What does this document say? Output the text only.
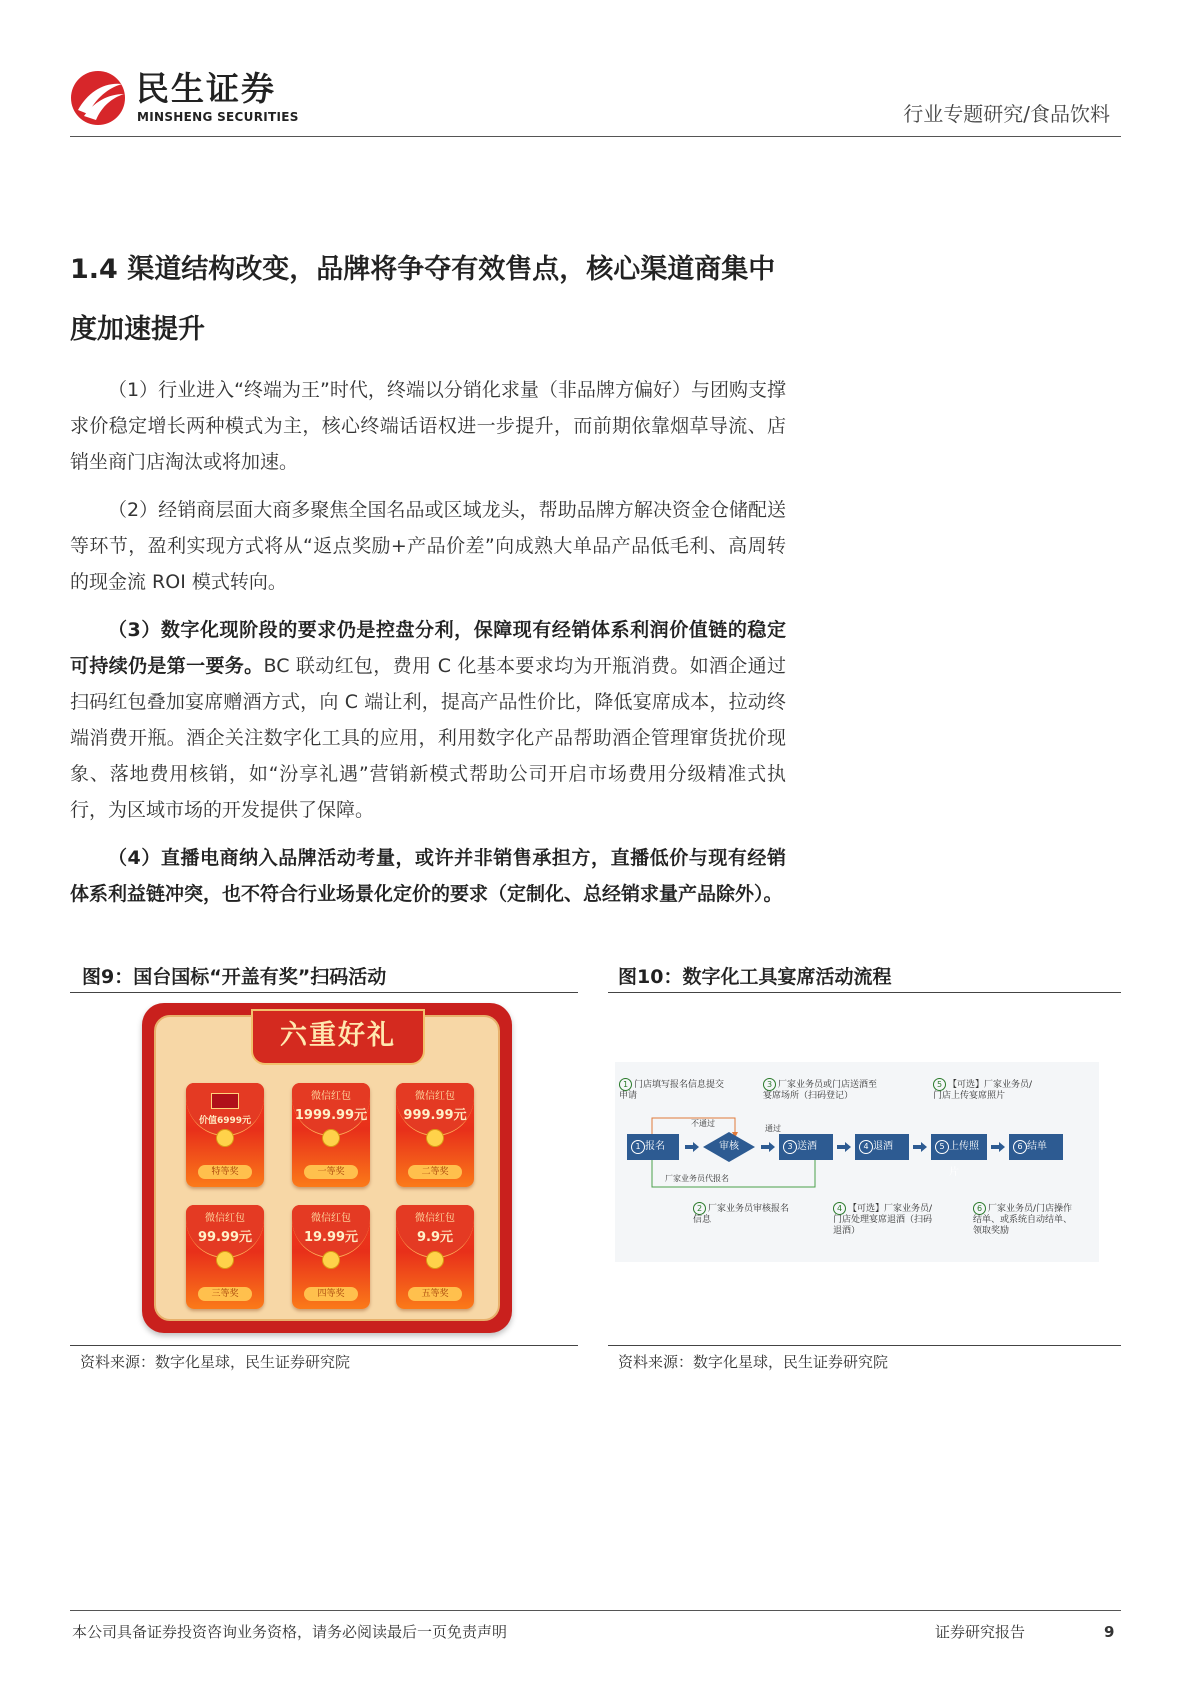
民生证券
MINSHENG SECURITIES	行业专题研究/食品饮料
1.4 渠道结构改变，品牌将争夺有效售点，核心渠道商集中度加速提升
（1）行业进入“终端为王”时代，终端以分销化求量（非品牌方偏好）与团购支撑求价稳定增长两种模式为主，核心终端话语权进一步提升，而前期依靠烟草导流、店销坐商门店淘汰或将加速。
（2）经销商层面大商多聚焦全国名品或区域龙头，帮助品牌方解决资金仓储配送等环节，盈利实现方式将从“返点奖励+产品价差”向成熟大单品产品低毛利、高周转的现金流 ROI 模式转向。
（3）数字化现阶段的要求仍是控盘分利，保障现有经销体系利润价值链的稳定可持续仍是第一要务。BC 联动红包，费用 C 化基本要求均为开瓶消费。如酒企通过扫码红包叠加宴席赠酒方式，向 C 端让利，提高产品性价比，降低宴席成本，拉动终端消费开瓶。酒企关注数字化工具的应用，利用数字化产品帮助酒企管理窜货扰价现象、落地费用核销，如“汾享礼遇”营销新模式帮助公司开启市场费用分级精准式执行，为区域市场的开发提供了保障。
（4）直播电商纳入品牌活动考量，或许并非销售承担方，直播低价与现有经销体系利益链冲突，也不符合行业场景化定价的要求（定制化、总经销求量产品除外）。
图9：国台国标“开盖有奖”扫码活动
六重好礼
价值6999元
特等奖
微信红包
1999.99元
一等奖
微信红包
999.99元
二等奖
微信红包
99.99元
三等奖
微信红包
19.99元
四等奖
微信红包
9.9元
五等奖
资料来源：数字化星球，民生证券研究院
图10：数字化工具宴席活动流程
1 门店填写报名信息提交申请
3 厂家业务员或门店送酒至宴席场所（扫码登记）
5 【可选】厂家业务员/门店上传宴席照片
不通过
通过
厂家业务员代报名
1 报名	审核	3 送酒	4 退酒	5 上传照片
6 结单
2 厂家业务员审核报名信息
4 【可选】厂家业务员/门店处理宴席退酒（扫码退酒）
6 厂家业务员/门店操作结单、或系统自动结单、领取奖励
资料来源：数字化星球，民生证券研究院
本公司具备证券投资咨询业务资格，请务必阅读最后一页免责声明	证券研究报告	9
